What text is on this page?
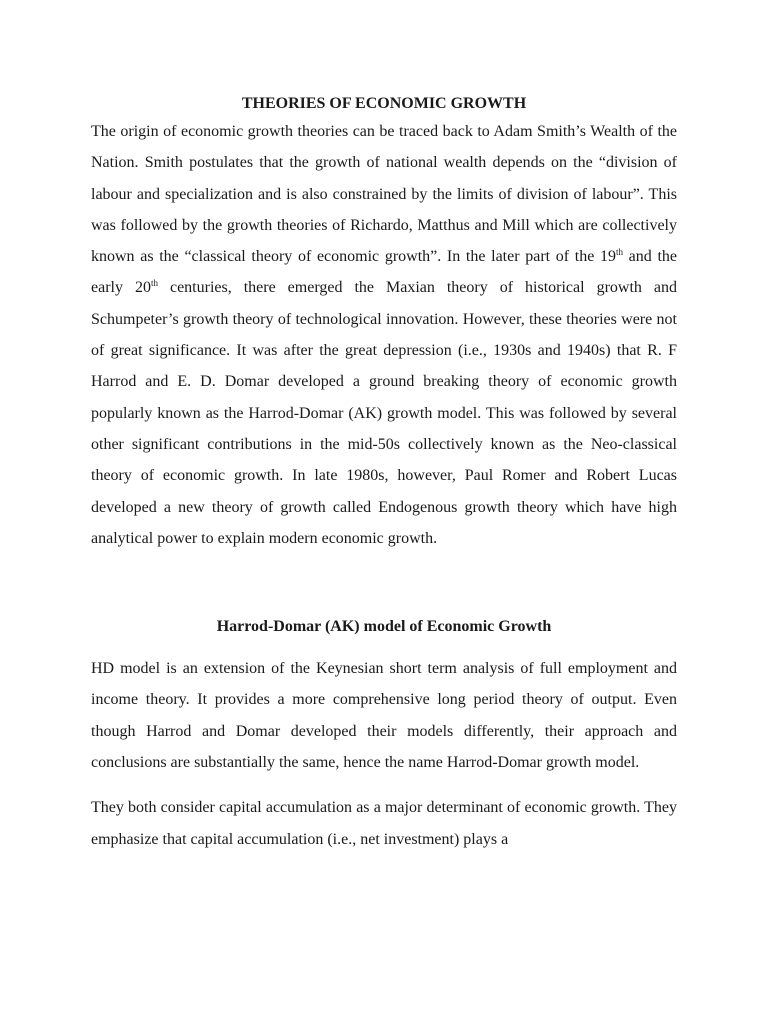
THEORIES OF ECONOMIC GROWTH

The origin of economic growth theories can be traced back to Adam Smith’s Wealth of the Nation. Smith postulates that the growth of national wealth depends on the “division of labour and specialization and is also constrained by the limits of division of labour”. This was followed by the growth theories of Richardo, Matthus and Mill which are collectively known as the “classical theory of economic growth”. In the later part of the 19th and the early 20th centuries, there emerged the Maxian theory of historical growth and Schumpeter’s growth theory of technological innovation. However, these theories were not of great significance. It was after the great depression (i.e., 1930s and 1940s) that R. F Harrod and E. D. Domar developed a ground breaking theory of economic growth popularly known as the Harrod-Domar (AK) growth model. This was followed by several other significant contributions in the mid-50s collectively known as the Neo-classical theory of economic growth. In late 1980s, however, Paul Romer and Robert Lucas developed a new theory of growth called Endogenous growth theory which have high analytical power to explain modern economic growth.

Harrod-Domar (AK) model of Economic Growth

HD model is an extension of the Keynesian short term analysis of full employment and income theory. It provides a more comprehensive long period theory of output. Even though Harrod and Domar developed their models differently, their approach and conclusions are substantially the same, hence the name Harrod-Domar growth model.

They both consider capital accumulation as a major determinant of economic growth. They emphasize that capital accumulation (i.e., net investment) plays a
